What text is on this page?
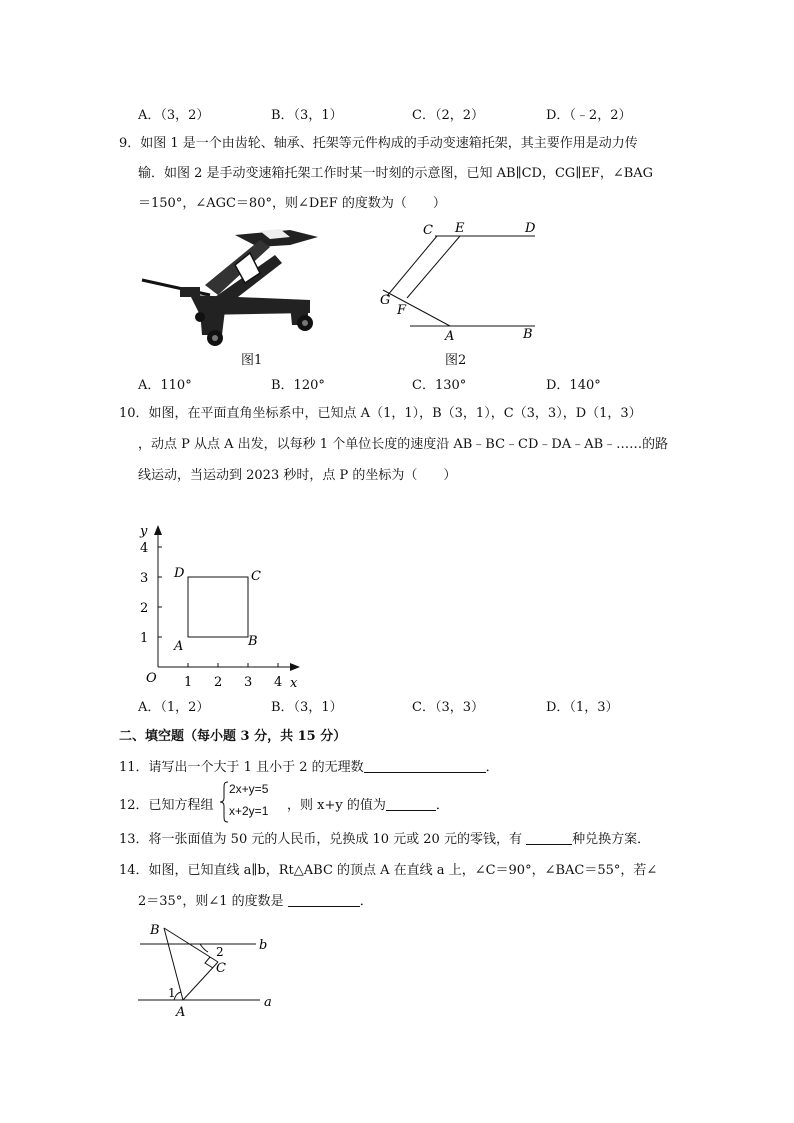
A．（3，2）	B．（3，1）	C．（2，2）	D．（﹣2，2）
9．如图 1 是一个由齿轮、轴承、托架等元件构成的手动变速箱托架，其主要作用是动力传
输．如图 2 是手动变速箱托架工作时某一时刻的示意图，已知 AB∥CD，CG∥EF，∠BAG
＝150°，∠AGC＝80°，则∠DEF 的度数为（　　）
图1
C E	D
G
F
A	B
图2
A．110°	B．120°	C．130°	D．140°
10．如图，在平面直角坐标系中，已知点 A（1，1），B（3，1），C（3，3），D（1，3）
，动点 P 从点 A 出发，以每秒 1 个单位长度的速度沿 AB﹣BC﹣CD﹣DA﹣AB﹣……的路
线运动，当运动到 2023 秒时，点 P 的坐标为（　　）
1 2 3 4
1
2
3
4
y
x
O
A	B
C
D
A．（1，2）	B．（3，1）	C．（3，3）	D．（1，3）
二、填空题（每小题 3 分，共 15 分）
11．请写出一个大于 1 且小于 2 的无理数	．
12．已知方程组
2x+y=5
x+2y=1 ，则 x+y 的值为	．
13．将一张面值为 50 元的人民币，兑换成 10 元或 20 元的零钱，有	种兑换方案．
14．如图，已知直线 a∥b，Rt△ABC 的顶点 A 在直线 a 上，∠C＝90°，∠BAC＝55°，若∠
2＝35°，则∠1 的度数是	．
B
b
2
C
1
a
A
